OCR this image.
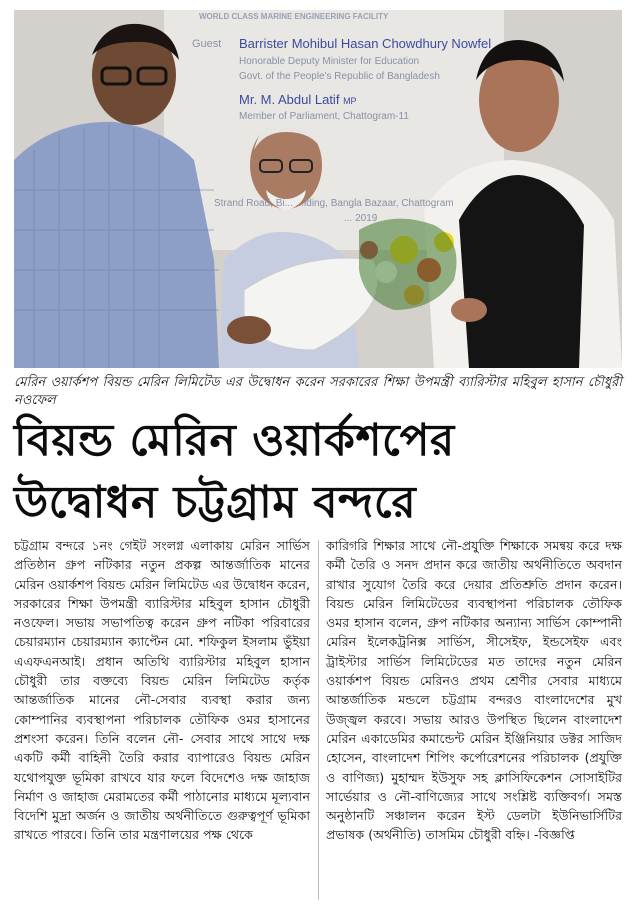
WORLD CLASS MARINE ENGINEERING FACILITY
Guest Barrister Mohibul Hasan Chowdhury Nowfel
Honorable Deputy Minister for Education
Govt. of the People's Republic of Bangladesh
Mr. M. Abdul Latif MP
Member of Parliament, Chattogram-11
Strand Road, Bi... ...lding, Bangla Bazaar, Chattogram
... 2019
মেরিন ওয়ার্কশপ বিয়ন্ড মেরিন লিমিটেড এর উদ্বোধন করেন সরকারের শিক্ষা উপমন্ত্রী ব্যারিস্টার মহিবুল হাসান চৌধুরী নওফেল
বিয়ন্ড মেরিন ওয়ার্কশপের
উদ্বোধন চট্টগ্রাম বন্দরে
চট্টগ্রাম বন্দরে ১নং গেইট সংলগ্ন এলাকায় মেরিন সার্ভিস প্রতিষ্ঠান গ্রুপ নটিকার নতুন প্রকল্প আন্তর্জাতিক মানের মেরিন ওয়ার্কশপ বিয়ন্ড মেরিন লিমিটেড এর উদ্বোধন করেন, সরকারের শিক্ষা উপমন্ত্রী ব্যারিস্টার মহিবুল হাসান চৌধুরী নওফেল। সভায় সভাপতিত্ব করেন গ্রুপ নটিকা পরিবারের চেয়ারম্যান চেয়ারম্যান ক্যাপ্টেন মো. শফিকুল ইসলাম ভুঁইয়া এএফএনআই। প্রধান অতিথি ব্যারিস্টার মহিবুল হাসান চৌধুরী তার বক্তব্যে বিয়ন্ড মেরিন লিমিটেড কর্তৃক আন্তর্জাতিক মানের নৌ-সেবার ব্যবস্থা করার জন্য কোম্পানির ব্যবস্থাপনা পরিচালক তৌফিক ওমর হাসানের প্রশংসা করেন। তিনি বলেন নৌ- সেবার সাথে সাথে দক্ষ একটি কর্মী বাহিনী তৈরি করার ব্যাপারেও বিয়ন্ড মেরিন যথোপযুক্ত ভূমিকা রাখবে যার ফলে বিদেশেও দক্ষ জাহাজ নির্মাণ ও জাহাজ মেরামতের কর্মী পাঠানোর মাধ্যমে মূল্যবান বিদেশি মুদ্রা অর্জন ও জাতীয় অর্থনীতিতে গুরুত্বপূর্ণ ভূমিকা রাখতে পারবে। তিনি তার মন্ত্রণালয়ের পক্ষ থেকে
কারিগরি শিক্ষার সাথে নৌ-প্রযুক্তি শিক্ষাকে সমন্বয় করে দক্ষ কর্মী তৈরি ও সনদ প্রদান করে জাতীয় অর্থনীতিতে অবদান রাখার সুযোগ তৈরি করে দেয়ার প্রতিশ্রুতি প্রদান করেন। বিয়ন্ড মেরিন লিমিটেডের ব্যবস্থাপনা পরিচালক তৌফিক ওমর হাসান বলেন, গ্রুপ নটিকার অন্যান্য সার্ভিস কোম্পানী মেরিন ইলেকট্রনিক্স সার্ভিস, সীসেইফ, ইন্ডসেইফ এবং ট্রাইস্টার সার্ভিস লিমিটেডের মত তাদের নতুন মেরিন ওয়ার্কশপ বিয়ন্ড মেরিনও প্রথম শ্রেণীর সেবার মাধ্যমে আন্তর্জাতিক মন্ডলে চট্টগ্রাম বন্দরও বাংলাদেশের মুখ উজ্জ্বল করবে। সভায় আরও উপস্থিত ছিলেন বাংলাদেশ মেরিন একাডেমির কমান্ডেন্ট মেরিন ইঞ্জিনিয়ার ডক্টর সাজিদ হোসেন, বাংলাদেশ শিপিং কর্পোরেশনের পরিচালক (প্রযুক্তি ও বাণিজ্য) মুহাম্মদ ইউসুফ সহ ক্লাসিফিকেশন সোসাইটির সার্ভেয়ার ও নৌ-বাণিজ্যের সাথে সংশ্লিষ্ট ব্যক্তিবর্গ। সমস্ত অনুষ্ঠানটি সঞ্চালন করেন ইস্ট ডেলটা ইউনিভার্সিটির প্রভাষক (অর্থনীতি) তাসমিম চৌধুরী বহ্নি। -বিজ্ঞপ্তি
